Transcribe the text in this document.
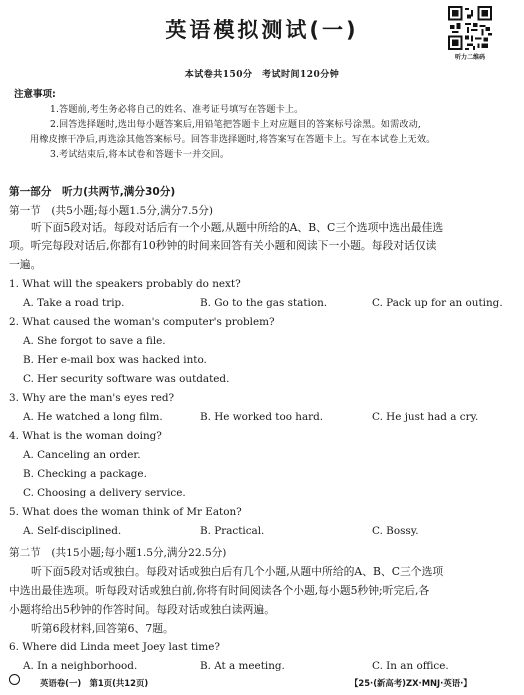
英语模拟测试(一)
听力二维码
本试卷共150分　考试时间120分钟
注意事项:
1.答题前,考生务必将自己的姓名、准考证号填写在答题卡上。
2.回答选择题时,选出每小题答案后,用铅笔把答题卡上对应题目的答案标号涂黑。如需改动,
用橡皮擦干净后,再选涂其他答案标号。回答非选择题时,将答案写在答题卡上。写在本试卷上无效。
3.考试结束后,将本试卷和答题卡一并交回。
第一部分　听力(共两节,满分30分)
第一节　(共5小题;每小题1.5分,满分7.5分)
听下面5段对话。每段对话后有一个小题,从题中所给的A、B、C三个选项中选出最佳选
项。听完每段对话后,你都有10秒钟的时间来回答有关小题和阅读下一小题。每段对话仅读
一遍。
1. What will the speakers probably do next?
A. Take a road trip.	B. Go to the gas station.	C. Pack up for an outing.
2. What caused the woman's computer's problem?
A. She forgot to save a file.
B. Her e-mail box was hacked into.
C. Her security software was outdated.
3. Why are the man's eyes red?
A. He watched a long film.	B. He worked too hard.	C. He just had a cry.
4. What is the woman doing?
A. Canceling an order.
B. Checking a package.
C. Choosing a delivery service.
5. What does the woman think of Mr Eaton?
A. Self-disciplined.	B. Practical.	C. Bossy.
第二节　(共15小题;每小题1.5分,满分22.5分)
听下面5段对话或独白。每段对话或独白后有几个小题,从题中所给的A、B、C三个选项
中选出最佳选项。听每段对话或独白前,你将有时间阅读各个小题,每小题5秒钟;听完后,各
小题将给出5秒钟的作答时间。每段对话或独白读两遍。
听第6段材料,回答第6、7题。
6. Where did Linda meet Joey last time?
A. In a neighborhood.	B. At a meeting.	C. In an office.
英语卷(一)　第1页(共12页)	【25·(新高考)ZX·MNJ·英语·】
